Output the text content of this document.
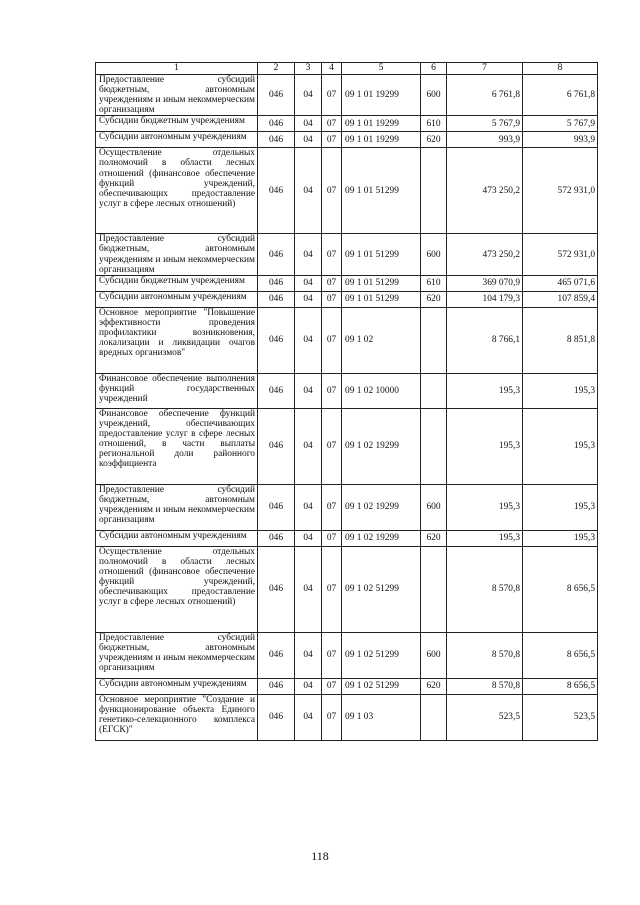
1	2	3	4	5	6	7	8
Предоставление субсидий бюджетным, автономным учреждениям и иным некоммерческим организациям	046	04	07	09 1 01 19299	600	6 761,8	6 761,8
Субсидии бюджетным учреждениям	046	04	07	09 1 01 19299	610	5 767,9	5 767,9
Субсидии автономным учреждениям	046	04	07	09 1 01 19299	620	993,9	993,9
Осуществление отдельных полномочий в области лесных отношений (финансовое обеспечение функций учреждений, обеспечивающих предоставление услуг в сфере лесных отношений)	046	04	07	09 1 01 51299		473 250,2	572 931,0
Предоставление субсидий бюджетным, автономным учреждениям и иным некоммерческим организациям	046	04	07	09 1 01 51299	600	473 250,2	572 931,0
Субсидии бюджетным учреждениям	046	04	07	09 1 01 51299	610	369 070,9	465 071,6
Субсидии автономным учреждениям	046	04	07	09 1 01 51299	620	104 179,3	107 859,4
Основное мероприятие "Повышение эффективности проведения профилактики возникновения, локализации и ликвидации очагов вредных организмов"	046	04	07	09 1 02		8 766,1	8 851,8
Финансовое обеспечение выполнения функций государственных учреждений	046	04	07	09 1 02 10000		195,3	195,3
Финансовое обеспечение функций учреждений, обеспечивающих предоставление услуг в сфере лесных отношений, в части выплаты региональной доли районного коэффициента	046	04	07	09 1 02 19299		195,3	195,3
Предоставление субсидий бюджетным, автономным учреждениям и иным некоммерческим организациям	046	04	07	09 1 02 19299	600	195,3	195,3
Субсидии автономным учреждениям	046	04	07	09 1 02 19299	620	195,3	195,3
Осуществление отдельных полномочий в области лесных отношений (финансовое обеспечение функций учреждений, обеспечивающих предоставление услуг в сфере лесных отношений)	046	04	07	09 1 02 51299		8 570,8	8 656,5
Предоставление субсидий бюджетным, автономным учреждениям и иным некоммерческим организациям	046	04	07	09 1 02 51299	600	8 570,8	8 656,5
Субсидии автономным учреждениям	046	04	07	09 1 02 51299	620	8 570,8	8 656,5
Основное мероприятие "Создание и функционирование объекта Единого генетико-селекционного комплекса (ЕГСК)"	046	04	07	09 1 03		523,5	523,5
118
